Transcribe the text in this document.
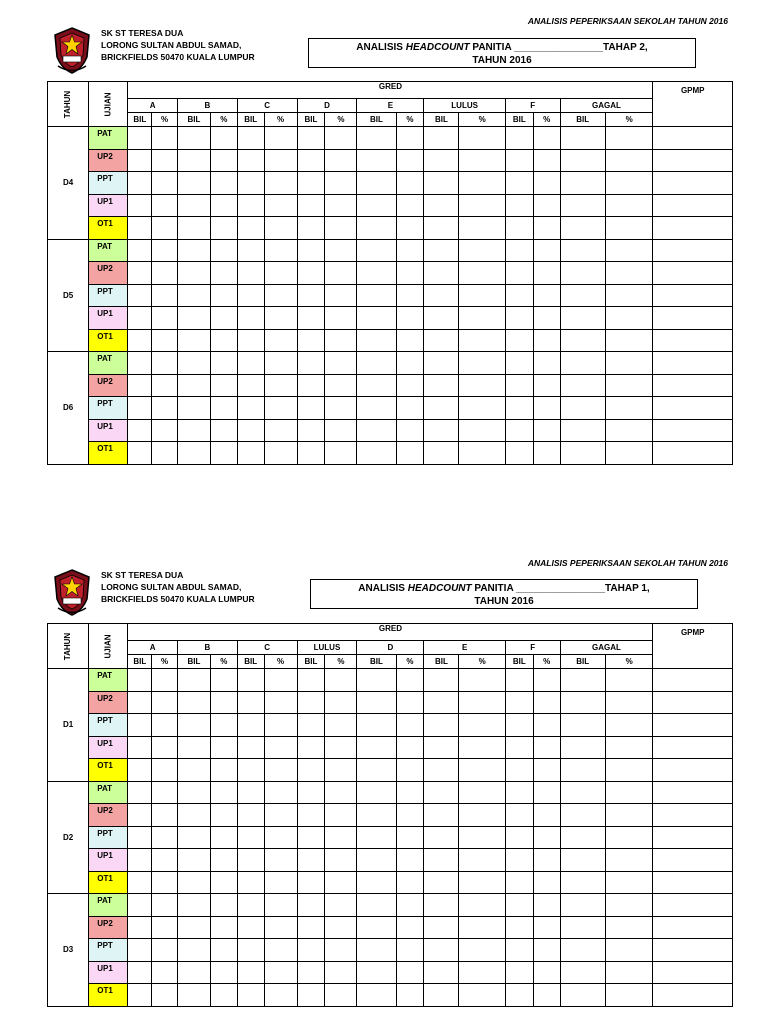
ANALISIS PEPERIKSAAN SEKOLAH TAHUN 2016
SK ST TERESA DUA
LORONG SULTAN ABDUL SAMAD,
BRICKFIELDS 50470 KUALA LUMPUR
ANALISIS HEADCOUNT PANITIA ________________TAHAP 2,
TAHUN 2016
TAHUN	UJIAN	GRED																GPMP
		A		B		C		D		E		LULUS		F		GAGAL		
		BIL	%	BIL	%	BIL	%	BIL	%	BIL	%	BIL	%	BIL	%	BIL	%	
D4	PAT																	
	UP2																	
	PPT																	
	UP1																	
	OT1																	
D5	PAT																	
	UP2																	
	PPT																	
	UP1																	
	OT1																	
D6	PAT																	
	UP2																	
	PPT																	
	UP1																	
	OT1																	
ANALISIS PEPERIKSAAN SEKOLAH TAHUN 2016
SK ST TERESA DUA
LORONG SULTAN ABDUL SAMAD,
BRICKFIELDS 50470 KUALA LUMPUR
ANALISIS HEADCOUNT PANITIA ________________TAHAP 1,
TAHUN 2016
TAHUN	UJIAN	GRED																GPMP
		A		B		C		LULUS		D		E		F		GAGAL		
		BIL	%	BIL	%	BIL	%	BIL	%	BIL	%	BIL	%	BIL	%	BIL	%	
D1	PAT																	
	UP2																	
	PPT																	
	UP1																	
	OT1																	
D2	PAT																	
	UP2																	
	PPT																	
	UP1																	
	OT1																	
D3	PAT																	
	UP2																	
	PPT																	
	UP1																	
	OT1																	
